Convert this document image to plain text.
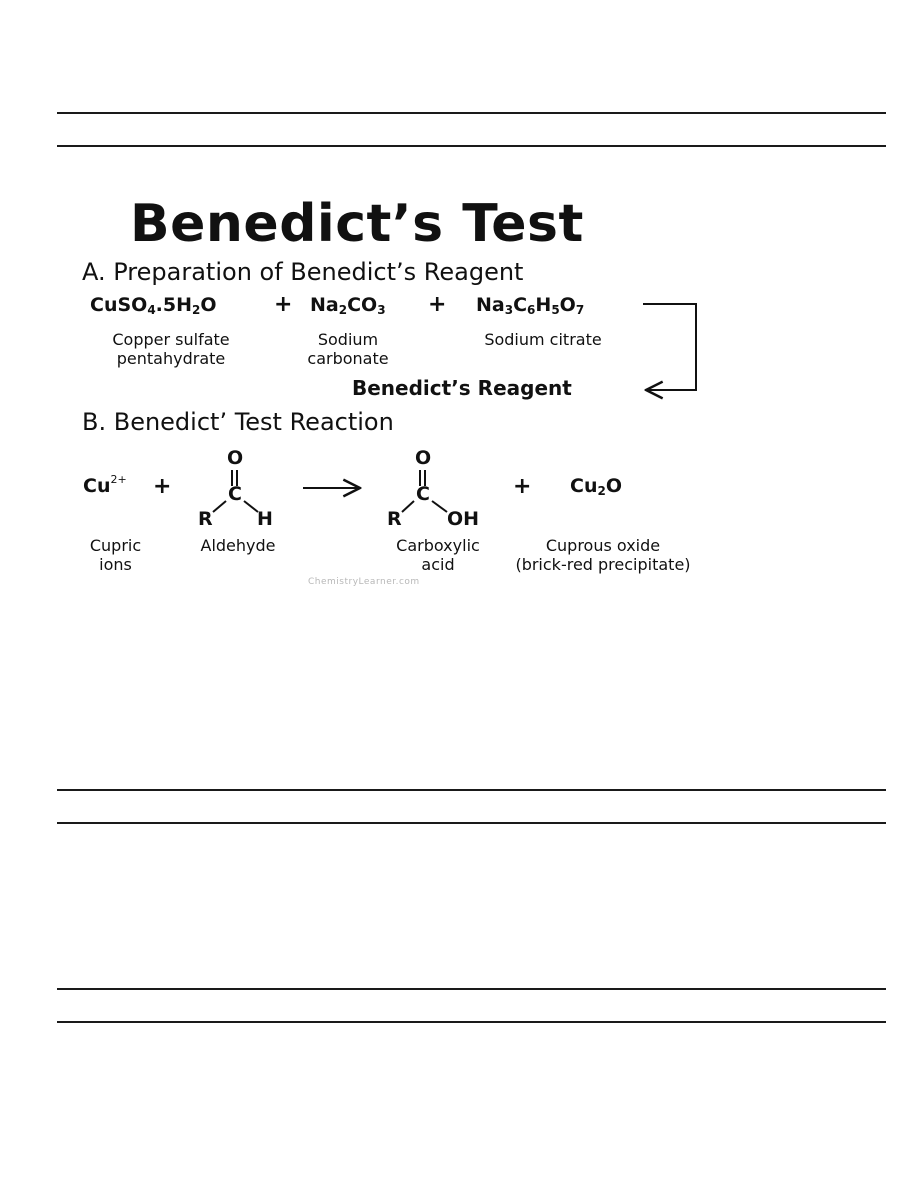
Benedict’s Test
A. Preparation of Benedict’s Reagent
$CuSO_4.5H_2O$
Copper sulfate
pentahydrate
+ $Na_2CO_3$
Sodium
carbonate
+ $Na_3C_6H_5O_7$
Sodium citrate
Benedict’s Reagent
B. Benedict’ Test Reaction
$Cu^{2+}$ +
Cupric
ions
O
C
R H
Aldehyde
O
C
R OH
Carboxylic
acid
+ $Cu_2O$
Cuprous oxide
(brick-red precipitate)
ChemistryLearner.com
